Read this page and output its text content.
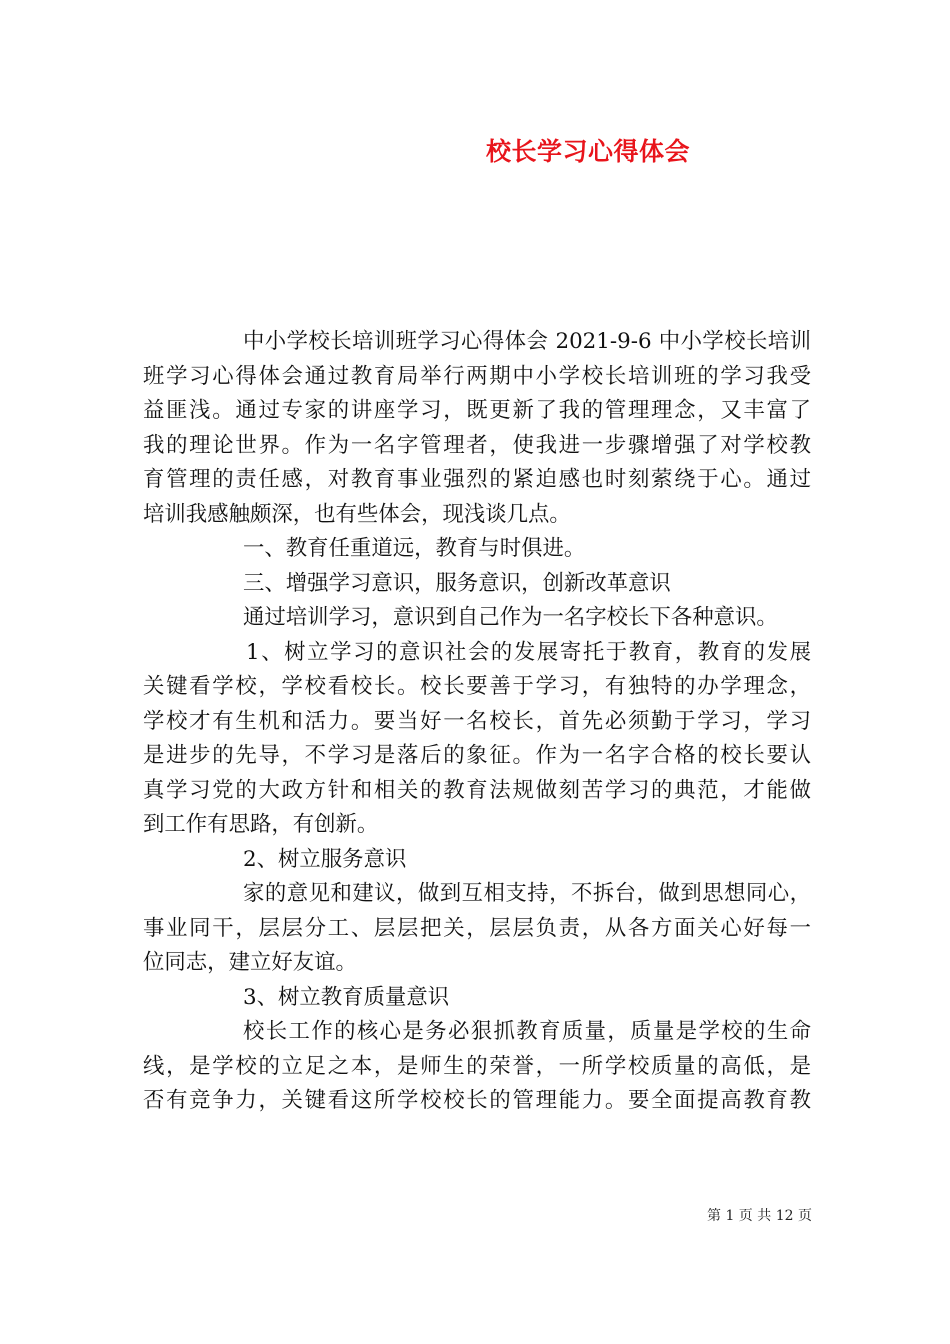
校长学习心得体会
中小学校长培训班学习心得体会 2021-9-6 中小学校长培训
班学习心得体会通过教育局举行两期中小学校长培训班的学习我受
益匪浅。通过专家的讲座学习，既更新了我的管理理念，又丰富了
我的理论世界。作为一名字管理者，使我进一步骤增强了对学校教
育管理的责任感，对教育事业强烈的紧迫感也时刻萦绕于心。通过
培训我感触颇深，也有些体会，现浅谈几点。
一、教育任重道远，教育与时俱进。
三、增强学习意识，服务意识，创新改革意识
通过培训学习，意识到自己作为一名字校长下各种意识。
1、树立学习的意识社会的发展寄托于教育，教育的发展
关键看学校，学校看校长。校长要善于学习，有独特的办学理念，
学校才有生机和活力。要当好一名校长，首先必须勤于学习，学习
是进步的先导，不学习是落后的象征。作为一名字合格的校长要认
真学习党的大政方针和相关的教育法规做刻苦学习的典范，才能做
到工作有思路，有创新。
2、树立服务意识
家的意见和建议，做到互相支持，不拆台，做到思想同心，
事业同干，层层分工、层层把关，层层负责，从各方面关心好每一
位同志，建立好友谊。
3、树立教育质量意识
校长工作的核心是务必狠抓教育质量，质量是学校的生命
线，是学校的立足之本，是师生的荣誉，一所学校质量的高低，是
否有竞争力，关键看这所学校校长的管理能力。要全面提高教育教
第 1 页 共 12 页
